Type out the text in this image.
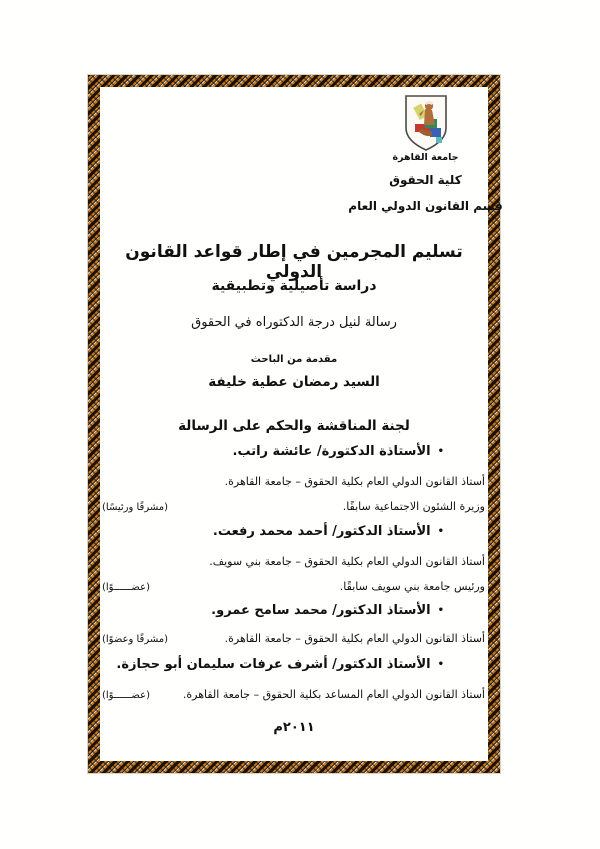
جامعة القاهرة
كلية الحقوق
قسم القانون الدولي العام
تسليم المجرمين في إطار قواعد القانون الدولي
دراسة تأصيلية وتطبيقية
رسالة لنيل درجة الدكتوراه في الحقوق
مقدمة من الباحث
السيد رمضان عطية خليفة
لجنة المناقشة والحكم على الرسالة
•الأستاذة الدكتورة/ عائشة راتب.
أستاذ القانون الدولي العام بكلية الحقوق – جامعة القاهرة.
وزيرة الشئون الاجتماعية سابقًا.
(مشرفًا ورئيسًا)
•الأستاذ الدكتور/ أحمد محمد رفعت.
أستاذ القانون الدولي العام بكلية الحقوق – جامعة بني سويف.
ورئيس جامعة بني سويف سابقًا.
(عضــــــوًا)
•الأستاذ الدكتور/ محمد سامح عمرو.
أستاذ القانون الدولي العام بكلية الحقوق – جامعة القاهرة.
(مشرفًا وعضوًا)
•الأستاذ الدكتور/ أشرف عرفات سليمان أبو حجازة.
أستاذ القانون الدولي العام المساعد بكلية الحقوق – جامعة القاهرة.
(عضــــــوًا)
٢٠١١م
